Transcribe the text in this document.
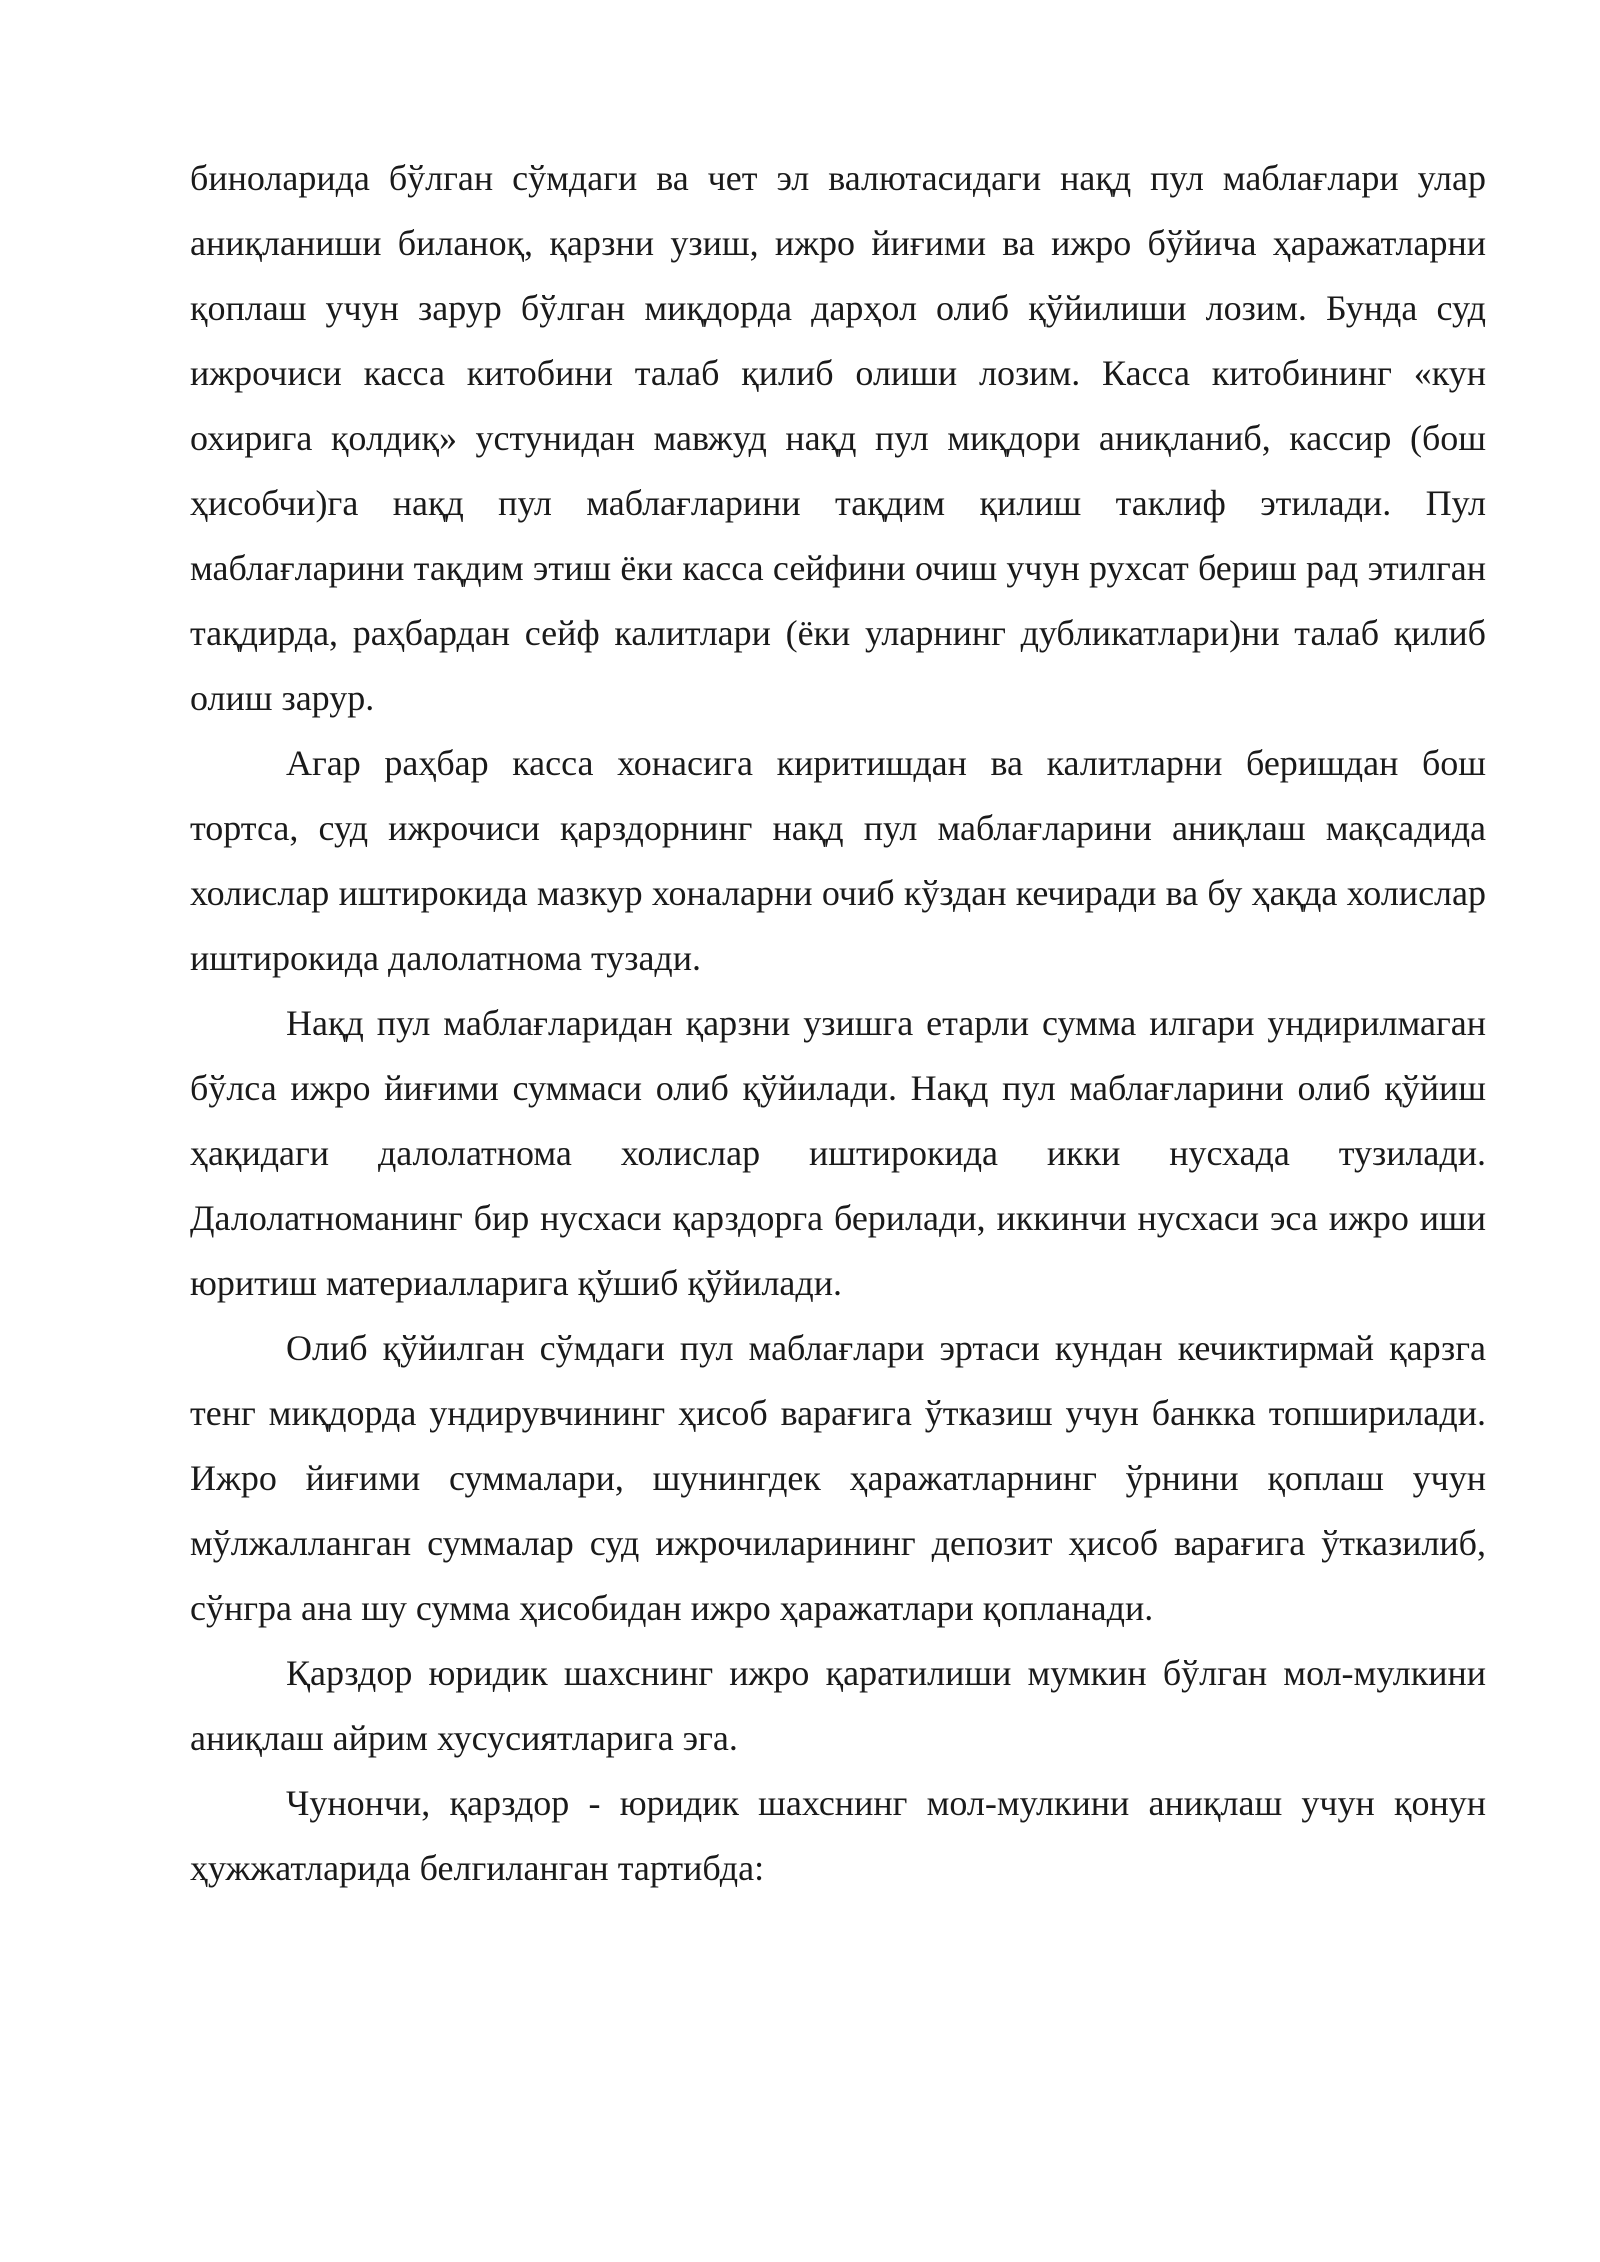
биноларида бўлган сўмдаги ва чет эл валютасидаги нақд пул маблағлари улар аниқланиши биланоқ, қарзни узиш, ижро йиғими ва ижро бўйича ҳаражатларни қоплаш учун зарур бўлган миқдорда дарҳол олиб қўйилиши лозим. Бунда суд ижрочиси касса китобини талаб қилиб олиши лозим. Касса китобининг «кун охирига қолдиқ» устунидан мавжуд нақд пул миқдори аниқланиб, кассир (бош ҳисобчи)га нақд пул маблағларини тақдим қилиш таклиф этилади. Пул маблағларини тақдим этиш ёки касса сейфини очиш учун рухсат бериш рад этилган тақдирда, раҳбардан сейф калитлари (ёки уларнинг дубликатлари)ни талаб қилиб олиш зарур.

Агар раҳбар касса хонасига киритишдан ва калитларни беришдан бош тортса, суд ижрочиси қарздорнинг нақд пул маблағларини аниқлаш мақсадида холислар иштирокида мазкур хоналарни очиб кўздан кечиради ва бу ҳақда холислар иштирокида далолатнома тузади.

Нақд пул маблағларидан қарзни узишга етарли сумма илгари ундирилмаган бўлса ижро йиғими суммаси олиб қўйилади. Нақд пул маблағларини олиб қўйиш ҳақидаги далолатнома холислар иштирокида икки нусхада тузилади. Далолатноманинг бир нусхаси қарздорга берилади, иккинчи нусхаси эса ижро иши юритиш материалларига қўшиб қўйилади.

Олиб қўйилган сўмдаги пул маблағлари эртаси кундан кечиктирмай қарзга тенг миқдорда ундирувчининг ҳисоб варағига ўтказиш учун банкка топширилади. Ижро йиғими суммалари, шунингдек ҳаражатларнинг ўрнини қоплаш учун мўлжалланган суммалар суд ижрочиларининг депозит ҳисоб варағига ўтказилиб, сўнгра ана шу сумма ҳисобидан ижро ҳаражатлари қопланади.

Қарздор юридик шахснинг ижро қаратилиши мумкин бўлган мол-мулкини аниқлаш айрим хусусиятларига эга.

Чунончи, қарздор - юридик шахснинг мол-мулкини аниқлаш учун қонун ҳужжатларида белгиланган тартибда:
